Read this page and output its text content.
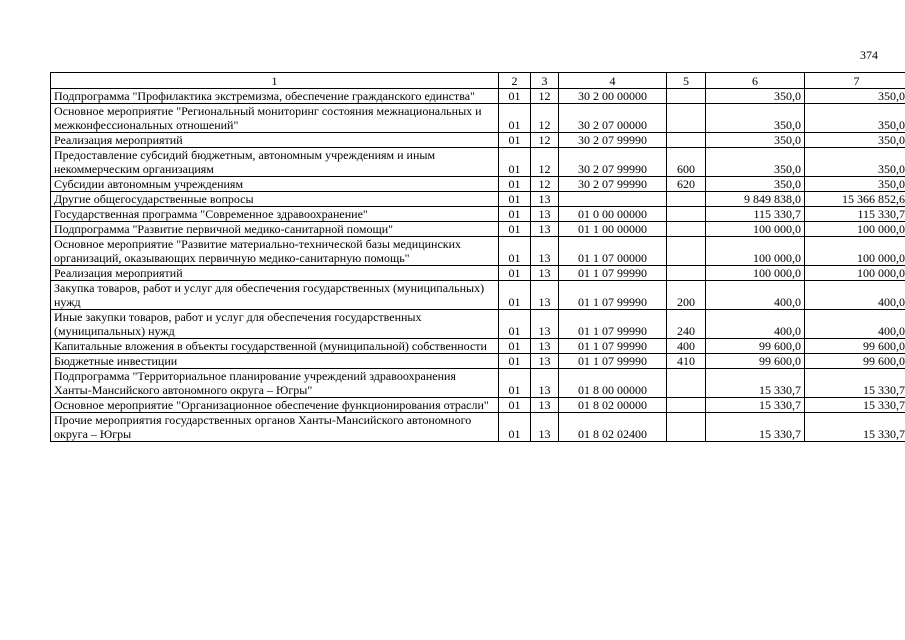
374
1	2	3	4	5	6	7
Подпрограмма "Профилактика экстремизма, обеспечение гражданского единства"	01	12	30 2 00 00000		350,0	350,0
Основное мероприятие "Региональный мониторинг состояния межнациональных и межконфессиональных отношений"	01	12	30 2 07 00000		350,0	350,0
Реализация мероприятий	01	12	30 2 07 99990		350,0	350,0
Предоставление субсидий бюджетным, автономным учреждениям и иным некоммерческим организациям	01	12	30 2 07 99990	600	350,0	350,0
Субсидии автономным учреждениям	01	12	30 2 07 99990	620	350,0	350,0
Другие общегосударственные вопросы	01	13			9 849 838,0	15 366 852,6
Государственная программа "Современное здравоохранение"	01	13	01 0 00 00000		115 330,7	115 330,7
Подпрограмма "Развитие первичной медико-санитарной помощи"	01	13	01 1 00 00000		100 000,0	100 000,0
Основное мероприятие "Развитие материально-технической базы медицинских организаций, оказывающих первичную медико-санитарную помощь"	01	13	01 1 07 00000		100 000,0	100 000,0
Реализация мероприятий	01	13	01 1 07 99990		100 000,0	100 000,0
Закупка товаров, работ и услуг для обеспечения государственных (муниципальных) нужд	01	13	01 1 07 99990	200	400,0	400,0
Иные закупки товаров, работ и услуг для обеспечения государственных (муниципальных) нужд	01	13	01 1 07 99990	240	400,0	400,0
Капитальные вложения в объекты государственной (муниципальной) собственности	01	13	01 1 07 99990	400	99 600,0	99 600,0
Бюджетные инвестиции	01	13	01 1 07 99990	410	99 600,0	99 600,0
Подпрограмма "Территориальное планирование учреждений здравоохранения Ханты-Мансийского автономного округа – Югры"	01	13	01 8 00 00000		15 330,7	15 330,7
Основное мероприятие "Организационное обеспечение функционирования отрасли"	01	13	01 8 02 00000		15 330,7	15 330,7
Прочие мероприятия государственных органов Ханты-Мансийского автономного округа – Югры	01	13	01 8 02 02400		15 330,7	15 330,7
